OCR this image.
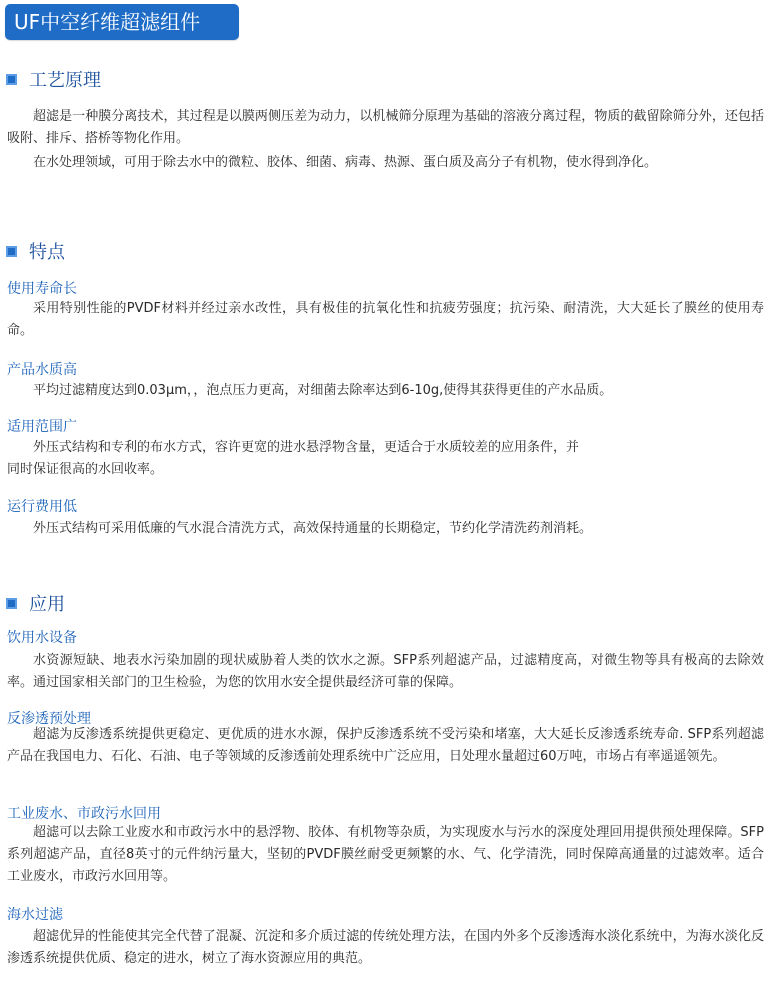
UF中空纤维超滤组件
工艺原理

超滤是一种膜分离技术，其过程是以膜两侧压差为动力，以机械筛分原理为基础的溶液分离过程，物质的截留除筛分外，还包括吸附、排斥、搭桥等物化作用。

在水处理领域，可用于除去水中的微粒、胶体、细菌、病毒、热源、蛋白质及高分子有机物，使水得到净化。

特点
使用寿命长

采用特别性能的PVDF材料并经过亲水改性，具有极佳的抗氧化性和抗疲劳强度；抗污染、耐清洗，大大延长了膜丝的使用寿命。

产品水质高

平均过滤精度达到0.03μm，，泡点压力更高，对细菌去除率达到6-10g,使得其获得更佳的产水品质。

适用范围广

外压式结构和专利的布水方式，容许更宽的进水悬浮物含量，更适合于水质较差的应用条件，并

同时保证很高的水回收率。

运行费用低

外压式结构可采用低廉的气水混合清洗方式，高效保持通量的长期稳定，节约化学清洗药剂消耗。

应用
饮用水设备

水资源短缺、地表水污染加剧的现状威胁着人类的饮水之源。SFP系列超滤产品，过滤精度高，对微生物等具有极高的去除效率。通过国家相关部门的卫生检验，为您的饮用水安全提供最经济可靠的保障。

反渗透预处理

超滤为反渗透系统提供更稳定、更优质的进水水源，保护反渗透系统不受污染和堵塞，大大延长反渗透系统寿命. SFP系列超滤产品在我国电力、石化、石油、电子等领域的反渗透前处理系统中广泛应用，日处理水量超过60万吨，市场占有率遥遥领先。

工业废水、市政污水回用

超滤可以去除工业废水和市政污水中的悬浮物、胶体、有机物等杂质，为实现废水与污水的深度处理回用提供预处理保障。SFP系列超滤产品，直径8英寸的元件纳污量大，坚韧的PVDF膜丝耐受更频繁的水、气、化学清洗，同时保障高通量的过滤效率。适合工业废水，市政污水回用等。

海水过滤

超滤优异的性能使其完全代替了混凝、沉淀和多介质过滤的传统处理方法，在国内外多个反渗透海水淡化系统中，为海水淡化反渗透系统提供优质、稳定的进水，树立了海水资源应用的典范。
